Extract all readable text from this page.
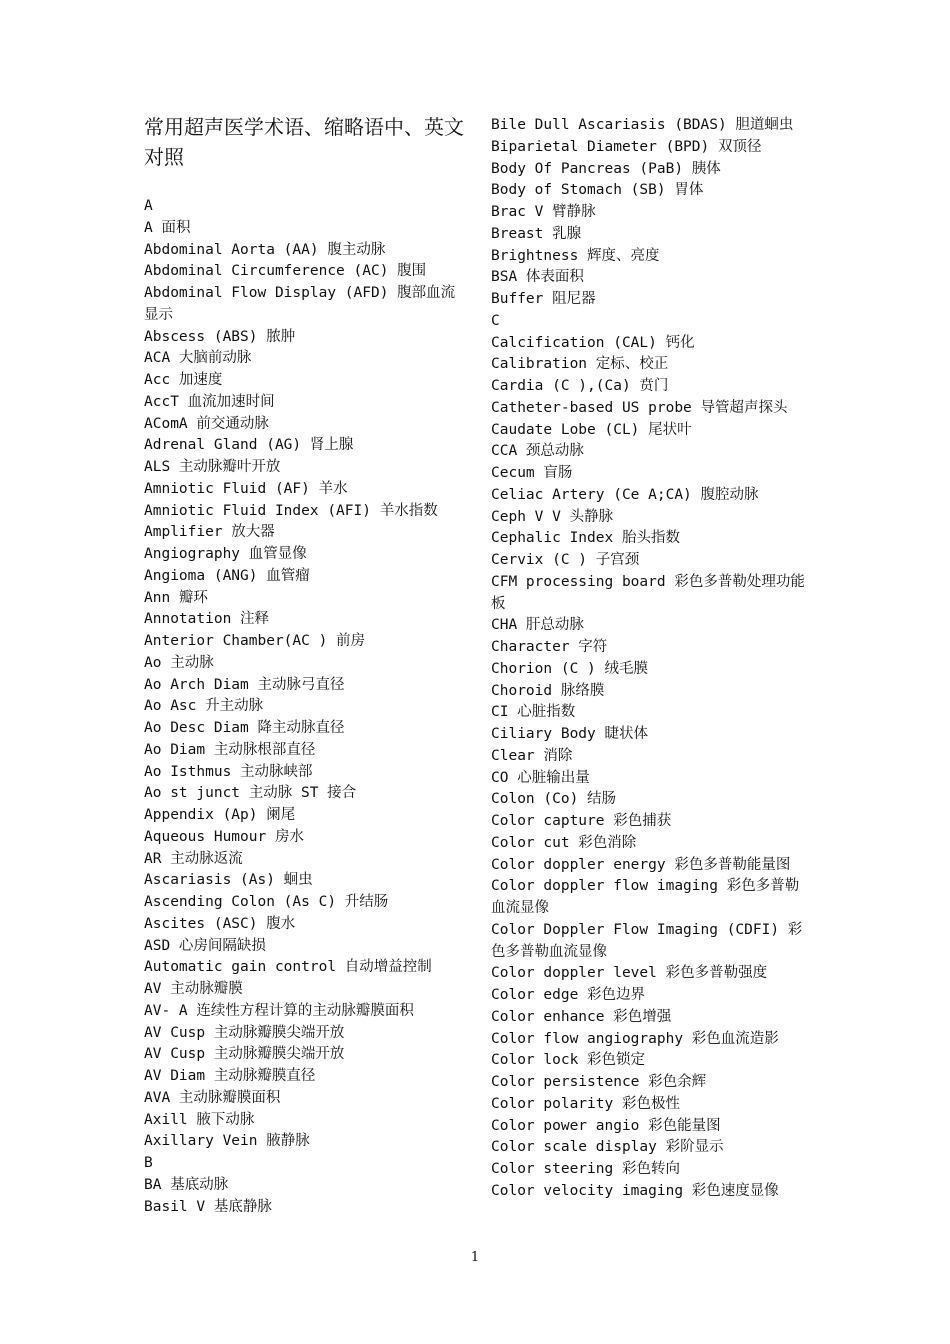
常用超声医学术语、缩略语中、英文对照

A

A 面积

Abdominal Aorta (AA) 腹主动脉

Abdominal Circumference (AC) 腹围

Abdominal Flow Display (AFD) 腹部血流显示

Abscess (ABS) 脓肿

ACA 大脑前动脉

Acc 加速度

AccT 血流加速时间

AComA 前交通动脉

Adrenal Gland (AG) 肾上腺

ALS 主动脉瓣叶开放

Amniotic Fluid (AF) 羊水

Amniotic Fluid Index (AFI) 羊水指数

Amplifier 放大器

Angiography 血管显像

Angioma (ANG) 血管瘤

Ann 瓣环

Annotation 注释

Anterior Chamber(AC ) 前房

Ao 主动脉

Ao Arch Diam 主动脉弓直径

Ao Asc 升主动脉

Ao Desc Diam 降主动脉直径

Ao Diam 主动脉根部直径

Ao Isthmus 主动脉峡部

Ao st junct 主动脉 ST 接合

Appendix (Ap) 阑尾

Aqueous Humour 房水

AR 主动脉返流

Ascariasis (As) 蛔虫

Ascending Colon (As C) 升结肠

Ascites (ASC) 腹水

ASD 心房间隔缺损

Automatic gain control 自动增益控制

AV 主动脉瓣膜

AV- A 连续性方程计算的主动脉瓣膜面积

AV Cusp 主动脉瓣膜尖端开放

AV Cusp 主动脉瓣膜尖端开放

AV Diam 主动脉瓣膜直径

AVA 主动脉瓣膜面积

Axill 腋下动脉

Axillary Vein 腋静脉

B

BA 基底动脉

Basil V 基底静脉

Bile Dull Ascariasis (BDAS) 胆道蛔虫

Biparietal Diameter (BPD) 双顶径

Body Of Pancreas (PaB) 胰体

Body of Stomach (SB) 胃体

Brac V 臂静脉

Breast 乳腺

Brightness 辉度、亮度

BSA 体表面积

Buffer 阻尼器

C

Calcification (CAL) 钙化

Calibration 定标、校正

Cardia (C ),(Ca) 贲门

Catheter-based US probe 导管超声探头

Caudate Lobe (CL) 尾状叶

CCA 颈总动脉

Cecum 盲肠

Celiac Artery (Ce A;CA) 腹腔动脉

Ceph V V 头静脉

Cephalic Index 胎头指数

Cervix (C ) 子宫颈

CFM processing board 彩色多普勒处理功能板

CHA 肝总动脉

Character 字符

Chorion (C ) 绒毛膜

Choroid 脉络膜

CI 心脏指数

Ciliary Body 睫状体

Clear 消除

CO 心脏输出量

Colon (Co) 结肠

Color capture 彩色捕获

Color cut 彩色消除

Color doppler energy 彩色多普勒能量图

Color doppler flow imaging 彩色多普勒血流显像

Color Doppler Flow Imaging (CDFI) 彩色多普勒血流显像

Color doppler level 彩色多普勒强度

Color edge 彩色边界

Color enhance 彩色增强

Color flow angiography 彩色血流造影

Color lock 彩色锁定

Color persistence 彩色余辉

Color polarity 彩色极性

Color power angio 彩色能量图

Color scale display 彩阶显示

Color steering 彩色转向

Color velocity imaging 彩色速度显像

1
